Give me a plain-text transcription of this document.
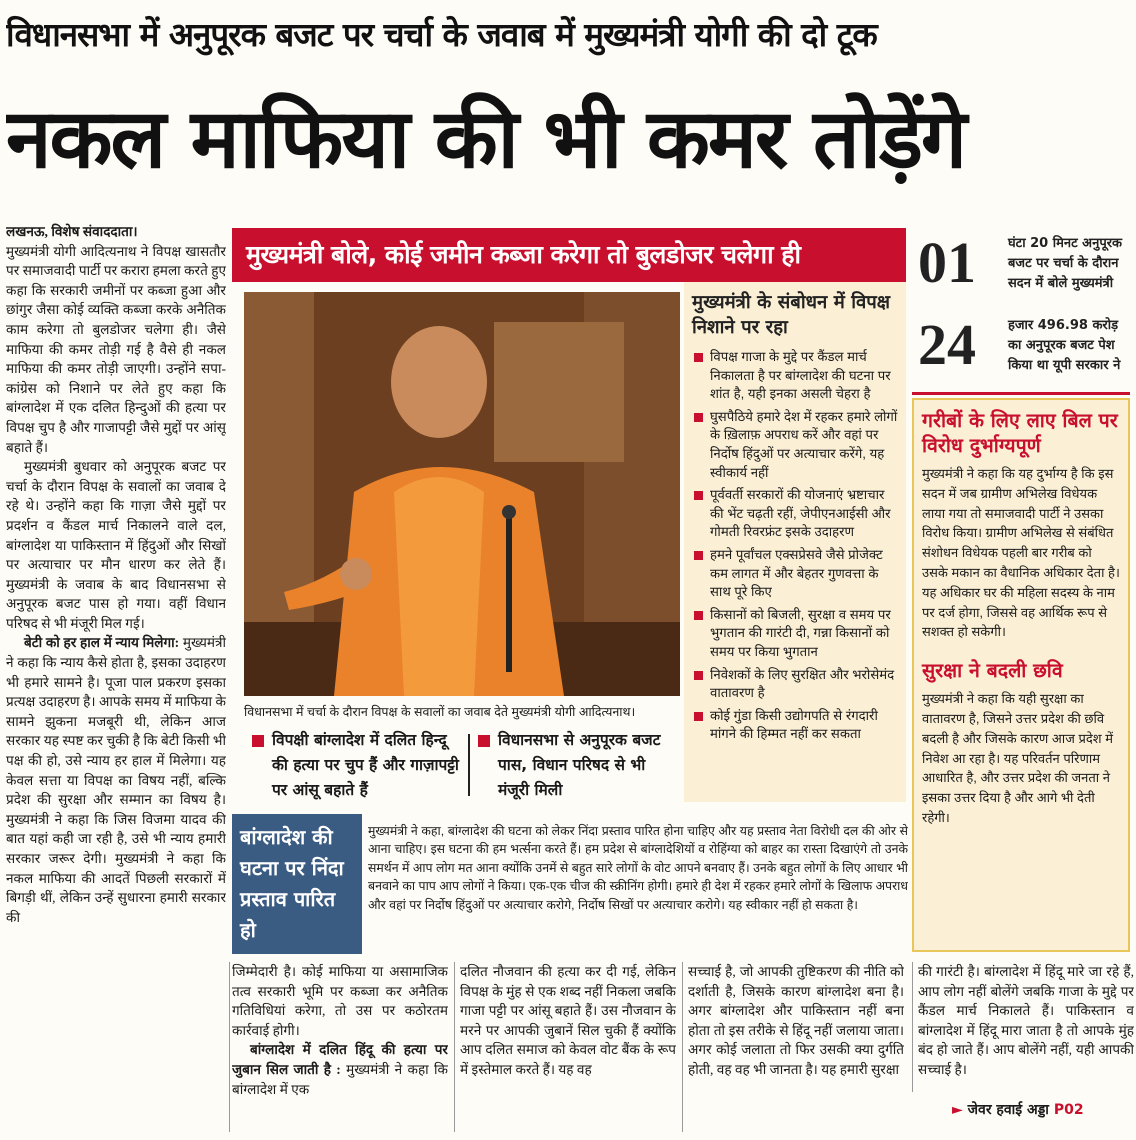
विधानसभा में अनुपूरक बजट पर चर्चा के जवाब में मुख्यमंत्री योगी की दो टूक
नकल माफिया की भी कमर तोड़ेंगे

लखनऊ, विशेष संवाददाता।

मुख्यमंत्री योगी आदित्यनाथ ने विपक्ष खासतौर पर समाजवादी पार्टी पर करारा हमला करते हुए कहा कि सरकारी जमीनों पर कब्जा हुआ और छांगुर जैसा कोई व्यक्ति कब्जा करके अनैतिक काम करेगा तो बुलडोजर चलेगा ही। जैसे माफिया की कमर तोड़ी गई है वैसे ही नकल माफिया की कमर तोड़ी जाएगी। उन्होंने सपा-कांग्रेस को निशाने पर लेते हुए कहा कि बांग्लादेश में एक दलित हिन्दुओं की हत्या पर विपक्ष चुप है और गाजापट्टी जैसे मुद्दों पर आंसू बहाते हैं।

मुख्यमंत्री बुधवार को अनुपूरक बजट पर चर्चा के दौरान विपक्ष के सवालों का जवाब दे रहे थे। उन्होंने कहा कि गाज़ा जैसे मुद्दों पर प्रदर्शन व कैंडल मार्च निकालने वाले दल, बांग्लादेश या पाकिस्तान में हिंदुओं और सिखों पर अत्याचार पर मौन धारण कर लेते हैं। मुख्यमंत्री के जवाब के बाद विधानसभा से अनुपूरक बजट पास हो गया। वहीं विधान परिषद से भी मंजूरी मिल गई।

बेटी को हर हाल में न्याय मिलेगा: मुख्यमंत्री ने कहा कि न्याय कैसे होता है, इसका उदाहरण भी हमारे सामने है। पूजा पाल प्रकरण इसका प्रत्यक्ष उदाहरण है। आपके समय में माफिया के सामने झुकना मजबूरी थी, लेकिन आज सरकार यह स्पष्ट कर चुकी है कि बेटी किसी भी पक्ष की हो, उसे न्याय हर हाल में मिलेगा। यह केवल सत्ता या विपक्ष का विषय नहीं, बल्कि प्रदेश की सुरक्षा और सम्मान का विषय है। मुख्यमंत्री ने कहा कि जिस विजमा यादव की बात यहां कही जा रही है, उसे भी न्याय हमारी सरकार जरूर देगी। मुख्यमंत्री ने कहा कि नकल माफिया की आदतें पिछली सरकारों में बिगड़ी थीं, लेकिन उन्हें सुधारना हमारी सरकार की

मुख्यमंत्री बोले, कोई जमीन कब्जा करेगा तो बुलडोजर चलेगा ही
विधानसभा में चर्चा के दौरान विपक्ष के सवालों का जवाब देते मुख्यमंत्री योगी आदित्यनाथ।
विपक्षी बांग्लादेश में दलित हिन्दू की हत्या पर चुप हैं और गाज़ापट्टी पर आंसू बहाते हैं
विधानसभा से अनुपूरक बजट पास, विधान परिषद से भी मंजूरी मिली
मुख्यमंत्री के संबोधन में विपक्ष निशाने पर रहा
विपक्ष गाजा के मुद्दे पर कैंडल मार्च निकालता है पर बांग्लादेश की घटना पर शांत है, यही इनका असली चेहरा है
घुसपैठिये हमारे देश में रहकर हमारे लोगों के ख़िलाफ़ अपराध करें और वहां पर निर्दोष हिंदुओं पर अत्याचार करेंगे, यह स्वीकार्य नहीं
पूर्ववर्ती सरकारों की योजनाएं भ्रष्टाचार की भेंट चढ़ती रहीं, जेपीएनआईसी और गोमती रिवरफ्रंट इसके उदाहरण
हमने पूर्वांचल एक्सप्रेसवे जैसे प्रोजेक्ट कम लागत में और बेहतर गुणवत्ता के साथ पूरे किए
किसानों को बिजली, सुरक्षा व समय पर भुगतान की गारंटी दी, गन्ना किसानों को समय पर किया भुगतान
निवेशकों के लिए सुरक्षित और भरोसेमंद वातावरण है
कोई गुंडा किसी उद्योगपति से रंगदारी मांगने की हिम्मत नहीं कर सकता
01 घंटा 20 मिनट अनुपूरक बजट पर चर्चा के दौरान सदन में बोले मुख्यमंत्री
24 हजार 496.98 करोड़ का अनुपूरक बजट पेश किया था यूपी सरकार ने
गरीबों के लिए लाए बिल पर विरोध दुर्भाग्यपूर्ण
मुख्यमंत्री ने कहा कि यह दुर्भाग्य है कि इस सदन में जब ग्रामीण अभिलेख विधेयक लाया गया तो समाजवादी पार्टी ने उसका विरोध किया। ग्रामीण अभिलेख से संबंधित संशोधन विधेयक पहली बार गरीब को उसके मकान का वैधानिक अधिकार देता है। यह अधिकार घर की महिला सदस्य के नाम पर दर्ज होगा, जिससे वह आर्थिक रूप से सशक्त हो सकेगी।
सुरक्षा ने बदली छवि
मुख्यमंत्री ने कहा कि यही सुरक्षा का वातावरण है, जिसने उत्तर प्रदेश की छवि बदली है और जिसके कारण आज प्रदेश में निवेश आ रहा है। यह परिवर्तन परिणाम आधारित है, और उत्तर प्रदेश की जनता ने इसका उत्तर दिया है और आगे भी देती रहेगी।
बांग्लादेश की घटना पर निंदा प्रस्ताव पारित हो
मुख्यमंत्री ने कहा, बांग्लादेश की घटना को लेकर निंदा प्रस्ताव पारित होना चाहिए और यह प्रस्ताव नेता विरोधी दल की ओर से आना चाहिए। इस घटना की हम भर्त्सना करते हैं। हम प्रदेश से बांग्लादेशियों व रोहिंग्या को बाहर का रास्ता दिखाएंगे तो उनके समर्थन में आप लोग मत आना क्योंकि उनमें से बहुत सारे लोगों के वोट आपने बनवाए हैं। उनके बहुत लोगों के लिए आधार भी बनवाने का पाप आप लोगों ने किया। एक-एक चीज की स्क्रीनिंग होगी। हमारे ही देश में रहकर हमारे लोगों के खिलाफ अपराध और वहां पर निर्दोष हिंदुओं पर अत्याचार करोगे, निर्दोष सिखों पर अत्याचार करोगे। यह स्वीकार नहीं हो सकता है।

जिम्मेदारी है। कोई माफिया या असामाजिक तत्व सरकारी भूमि पर कब्जा कर अनैतिक गतिविधियां करेगा, तो उस पर कठोरतम कार्रवाई होगी।

बांग्लादेश में दलित हिंदू की हत्या पर जुबान सिल जाती है : मुख्यमंत्री ने कहा कि बांग्लादेश में एक

दलित नौजवान की हत्या कर दी गई, लेकिन विपक्ष के मुंह से एक शब्द नहीं निकला जबकि गाजा पट्टी पर आंसू बहाते हैं। उस नौजवान के मरने पर आपकी जुबानें सिल चुकी हैं क्योंकि आप दलित समाज को केवल वोट बैंक के रूप में इस्तेमाल करते हैं। यह वह

सच्चाई है, जो आपकी तुष्टिकरण की नीति को दर्शाती है, जिसके कारण बांग्लादेश बना है। अगर बांग्लादेश और पाकिस्तान नहीं बना होता तो इस तरीके से हिंदू नहीं जलाया जाता। अगर कोई जलाता तो फिर उसकी क्या दुर्गति होती, वह वह भी जानता है। यह हमारी सुरक्षा

की गारंटी है। बांग्लादेश में हिंदू मारे जा रहे हैं, आप लोग नहीं बोलेंगे जबकि गाजा के मुद्दे पर कैंडल मार्च निकालते हैं। पाकिस्तान व बांग्लादेश में हिंदू मारा जाता है तो आपके मुंह बंद हो जाते हैं। आप बोलेंगे नहीं, यही आपकी सच्चाई है।

► जेवर हवाई अड्डा P02
